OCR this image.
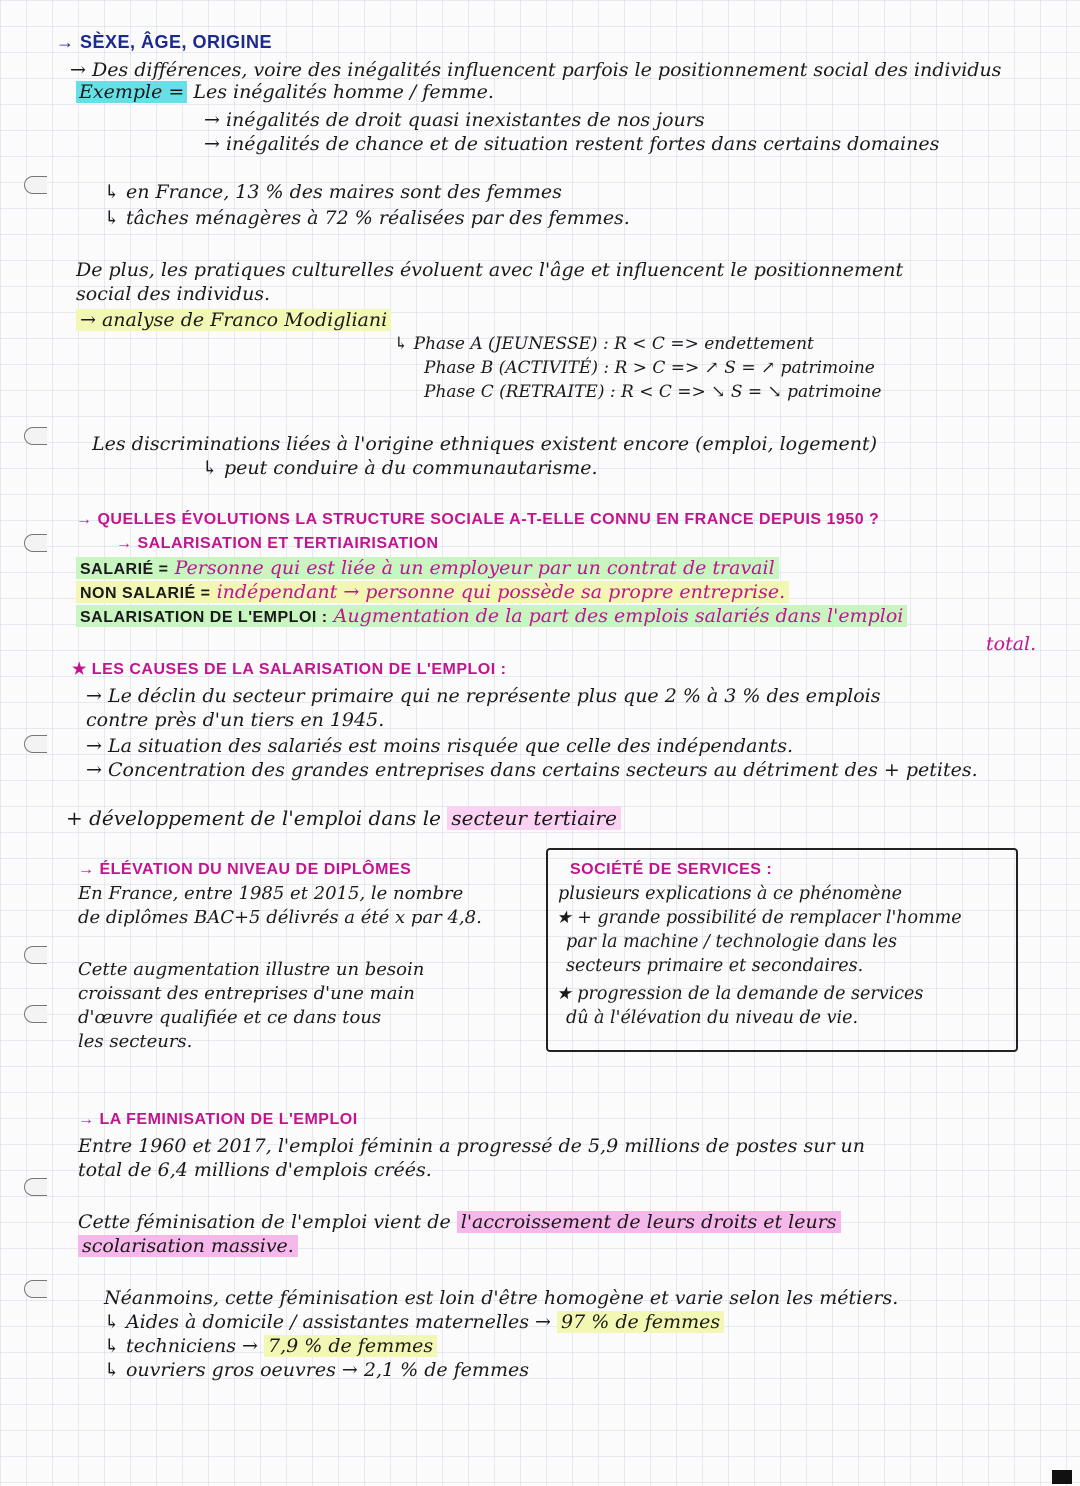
→ SÈXE, ÂGE, ORIGINE
→ Des différences, voire des inégalités influencent parfois le positionnement social des individus
Exemple = Les inégalités homme / femme.
→ inégalités de droit quasi inexistantes de nos jours
→ inégalités de chance et de situation restent fortes dans certains domaines
↳ en France, 13 % des maires sont des femmes
↳ tâches ménagères à 72 % réalisées par des femmes.
De plus, les pratiques culturelles évoluent avec l'âge et influencent le positionnement
social des individus.
→ analyse de Franco Modigliani
↳ Phase A (JEUNESSE) : R < C => endettement
Phase B (ACTIVITÉ) : R > C => ↗ S = ↗ patrimoine
Phase C (RETRAITE) : R < C => ↘ S = ↘ patrimoine
Les discriminations liées à l'origine ethniques existent encore (emploi, logement)
↳ peut conduire à du communautarisme.
→ QUELLES ÉVOLUTIONS LA STRUCTURE SOCIALE A-T-ELLE CONNU EN FRANCE DEPUIS 1950 ?
→ SALARISATION ET TERTIAIRISATION
SALARIÉ = Personne qui est liée à un employeur par un contrat de travail
NON SALARIÉ = indépendant → personne qui possède sa propre entreprise.
SALARISATION DE L'EMPLOI : Augmentation de la part des emplois salariés dans l'emploi
total.
★ LES CAUSES DE LA SALARISATION DE L'EMPLOI :
→ Le déclin du secteur primaire qui ne représente plus que 2 % à 3 % des emplois
contre près d'un tiers en 1945.
→ La situation des salariés est moins risquée que celle des indépendants.
→ Concentration des grandes entreprises dans certains secteurs au détriment des + petites.
+ développement de l'emploi dans le secteur tertiaire
→ ÉLÉVATION DU NIVEAU DE DIPLÔMES
En France, entre 1985 et 2015, le nombre
de diplômes BAC+5 délivrés a été x par 4,8.
Cette augmentation illustre un besoin
croissant des entreprises d'une main
d'œuvre qualifiée et ce dans tous
les secteurs.
SOCIÉTÉ DE SERVICES :
plusieurs explications à ce phénomène
★ + grande possibilité de remplacer l'homme
par la machine / technologie dans les
secteurs primaire et secondaires.
★ progression de la demande de services
dû à l'élévation du niveau de vie.
→ LA FEMINISATION DE L'EMPLOI
Entre 1960 et 2017, l'emploi féminin a progressé de 5,9 millions de postes sur un
total de 6,4 millions d'emplois créés.
Cette féminisation de l'emploi vient de l'accroissement de leurs droits et leurs
scolarisation massive.
Néanmoins, cette féminisation est loin d'être homogène et varie selon les métiers.
↳ Aides à domicile / assistantes maternelles → 97 % de femmes
↳ techniciens → 7,9 % de femmes
↳ ouvriers gros oeuvres → 2,1 % de femmes
